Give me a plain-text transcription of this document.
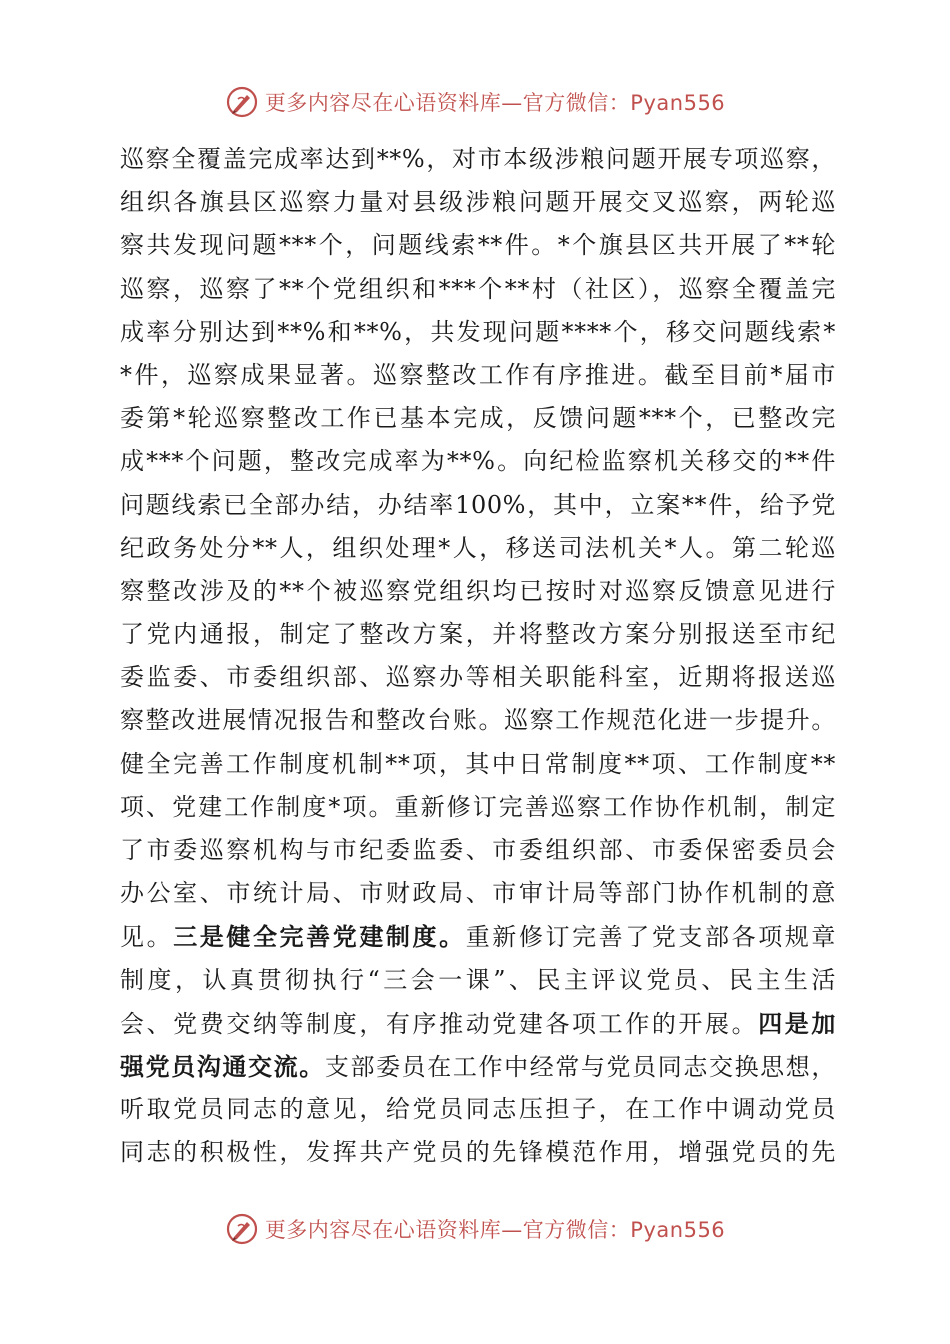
更多内容尽在心语资料库—官方微信：Pyan556
巡察全覆盖完成率达到**%，对市本级涉粮问题开展专项巡察，
组织各旗县区巡察力量对县级涉粮问题开展交叉巡察，两轮巡
察共发现问题***个，问题线索**件。*个旗县区共开展了**轮
巡察，巡察了**个党组织和***个**村（社区），巡察全覆盖完
成率分别达到**%和**%，共发现问题****个，移交问题线索*
*件，巡察成果显著。巡察整改工作有序推进。截至目前*届市
委第*轮巡察整改工作已基本完成，反馈问题***个，已整改完
成***个问题，整改完成率为**%。向纪检监察机关移交的**件
问题线索已全部办结，办结率100%，其中，立案**件，给予党
纪政务处分**人，组织处理*人，移送司法机关*人。第二轮巡
察整改涉及的**个被巡察党组织均已按时对巡察反馈意见进行
了党内通报，制定了整改方案，并将整改方案分别报送至市纪
委监委、市委组织部、巡察办等相关职能科室，近期将报送巡
察整改进展情况报告和整改台账。巡察工作规范化进一步提升。
健全完善工作制度机制**项，其中日常制度**项、工作制度**
项、党建工作制度*项。重新修订完善巡察工作协作机制，制定
了市委巡察机构与市纪委监委、市委组织部、市委保密委员会
办公室、市统计局、市财政局、市审计局等部门协作机制的意
见。三是健全完善党建制度。重新修订完善了党支部各项规章
制度，认真贯彻执行“三会一课”、民主评议党员、民主生活
会、党费交纳等制度，有序推动党建各项工作的开展。四是加
强党员沟通交流。支部委员在工作中经常与党员同志交换思想，
听取党员同志的意见，给党员同志压担子，在工作中调动党员
同志的积极性，发挥共产党员的先锋模范作用，增强党员的先
更多内容尽在心语资料库—官方微信：Pyan556
